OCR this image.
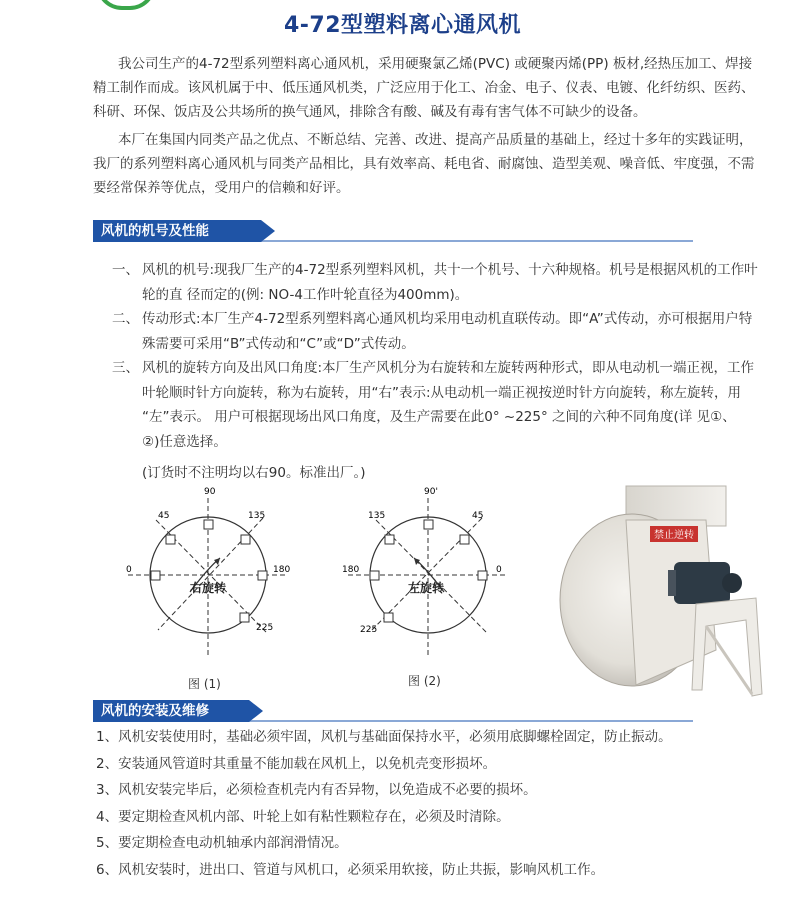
4-72型塑料离心通风机

我公司生产的4-72型系列塑料离心通风机，采用硬聚氯乙烯(PVC) 或硬聚丙烯(PP) 板材,经热压加工、焊接

精工制作而成。该风机属于中、低压通风机类，广泛应用于化工、冶金、电子、仪表、电镀、化纤纺织、医药、

科研、环保、饭店及公共场所的换气通风，排除含有酸、碱及有毒有害气体不可缺少的设备。

本厂在集国内同类产品之优点、不断总结、完善、改进、提高产品质量的基础上，经过十多年的实践证明，

我厂的系列塑料离心通风机与同类产品相比，具有效率高、耗电省、耐腐蚀、造型美观、噪音低、牢度强，不需

要经常保养等优点，受用户的信赖和好评。

风机的机号及性能
一、 风机的机号:现我厂生产的4-72型系列塑料风机，共十一个机号、十六种规格。机号是根据风机的工作叶
轮的直 径而定的(例: NO-4工作叶轮直径为400mm)。
二、 传动形式:本厂生产4-72型系列塑料离心通风机均采用电动机直联传动。即“A”式传动，亦可根据用户特
殊需要可采用“B”式传动和“C”或“D”式传动。
三、 风机的旋转方向及出风口角度:本厂生产风机分为右旋转和左旋转两种形式，即从电动机一端正视，工作
叶轮顺时针方向旋转，称为右旋转，用“右”表示:从电动机一端正视按逆时针方向旋转，称左旋转，用
“左”表示。 用户可根据现场出风口角度，及生产需要在此0° ~225° 之间的六种不同角度(详 见①、
②)任意选择。
(订货时不注明均以右90。标准出厂。)
90
45	135
0	180
225
右旋转
图 (1)
90'
135	45
180	0
225
左旋转
图 (2)
禁止逆转
风机的安装及维修
1、风机安装使用时，基础必须牢固，风机与基础面保持水平，必须用底脚螺栓固定，防止振动。
2、安装通风管道时其重量不能加载在风机上，以免机壳变形损坏。
3、风机安装完毕后，必须检查机壳内有否异物，以免造成不必要的损坏。
4、要定期检查风机内部、叶轮上如有粘性颗粒存在，必须及时清除。
5、要定期检查电动机轴承内部润滑情况。
6、风机安装时，进出口、管道与风机口，必须采用软接，防止共振，影响风机工作。
